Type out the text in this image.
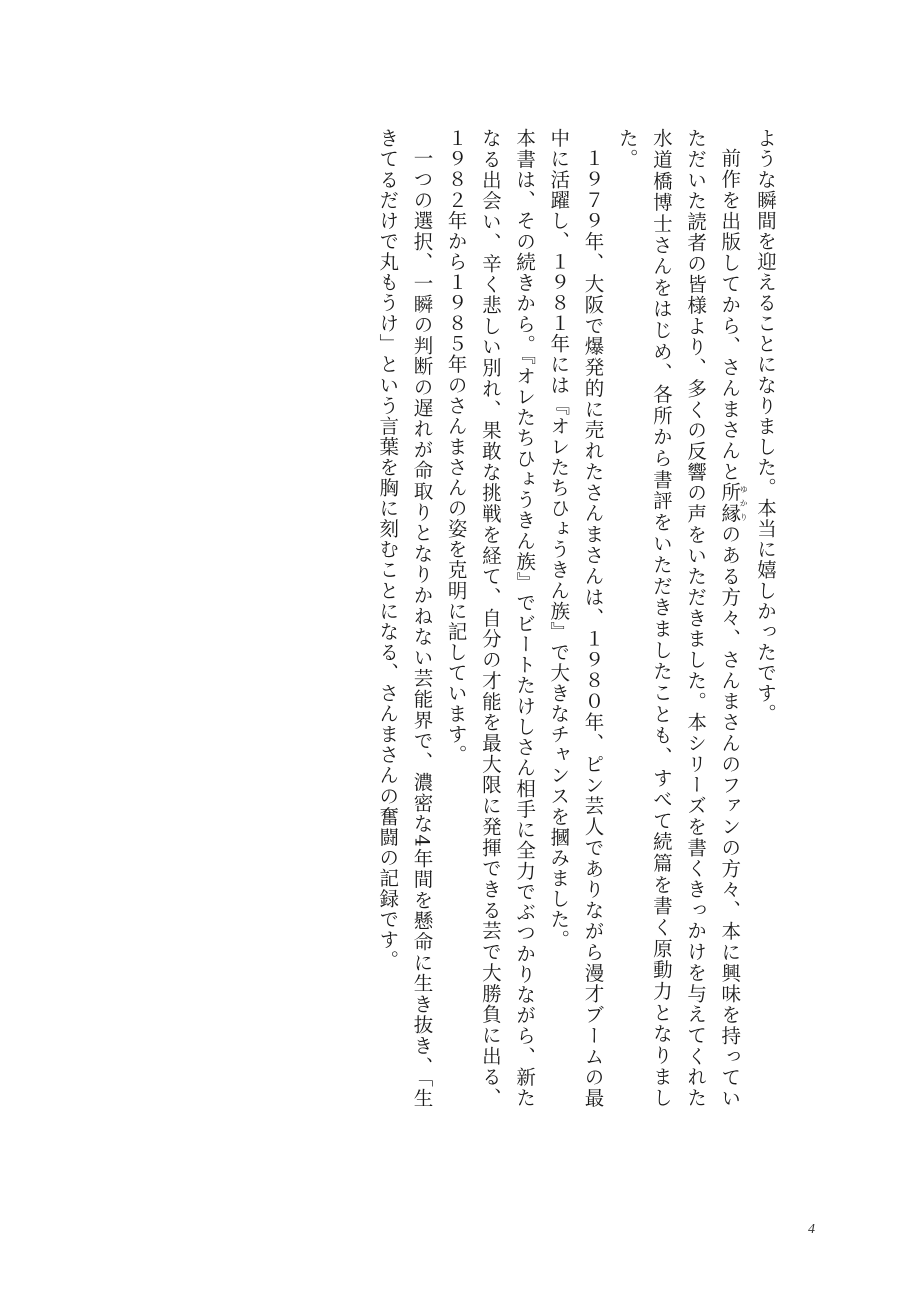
ような瞬間を迎えることになりました。本当に嬉しかったです。

前作を出版してから、さんまさんと所縁ゆかりのある方々、さんまさんのファンの方々、本に興味を持っていただいた読者の皆様より、多くの反響の声をいただきました。本シリーズを書くきっかけを与えてくれた水道橋博士さんをはじめ、各所から書評をいただきましたことも、すべて続篇を書く原動力となりました。

１９７９年、大阪で爆発的に売れたさんまさんは、１９８０年、ピン芸人でありながら漫才ブームの最中に活躍し、１９８１年には『オレたちひょうきん族』で大きなチャンスを摑みました。

本書は、その続きから。『オレたちひょうきん族』でビートたけしさん相手に全力でぶつかりながら、新たなる出会い、辛く悲しい別れ、果敢な挑戦を経て、自分の才能を最大限に発揮できる芸で大勝負に出る、１９８２年から１９８５年のさんまさんの姿を克明に記しています。

一つの選択、一瞬の判断の遅れが命取りとなりかねない芸能界で、濃密な4年間を懸命に生き抜き、「生きてるだけで丸もうけ」という言葉を胸に刻むことになる、さんまさんの奮闘の記録です。

4
